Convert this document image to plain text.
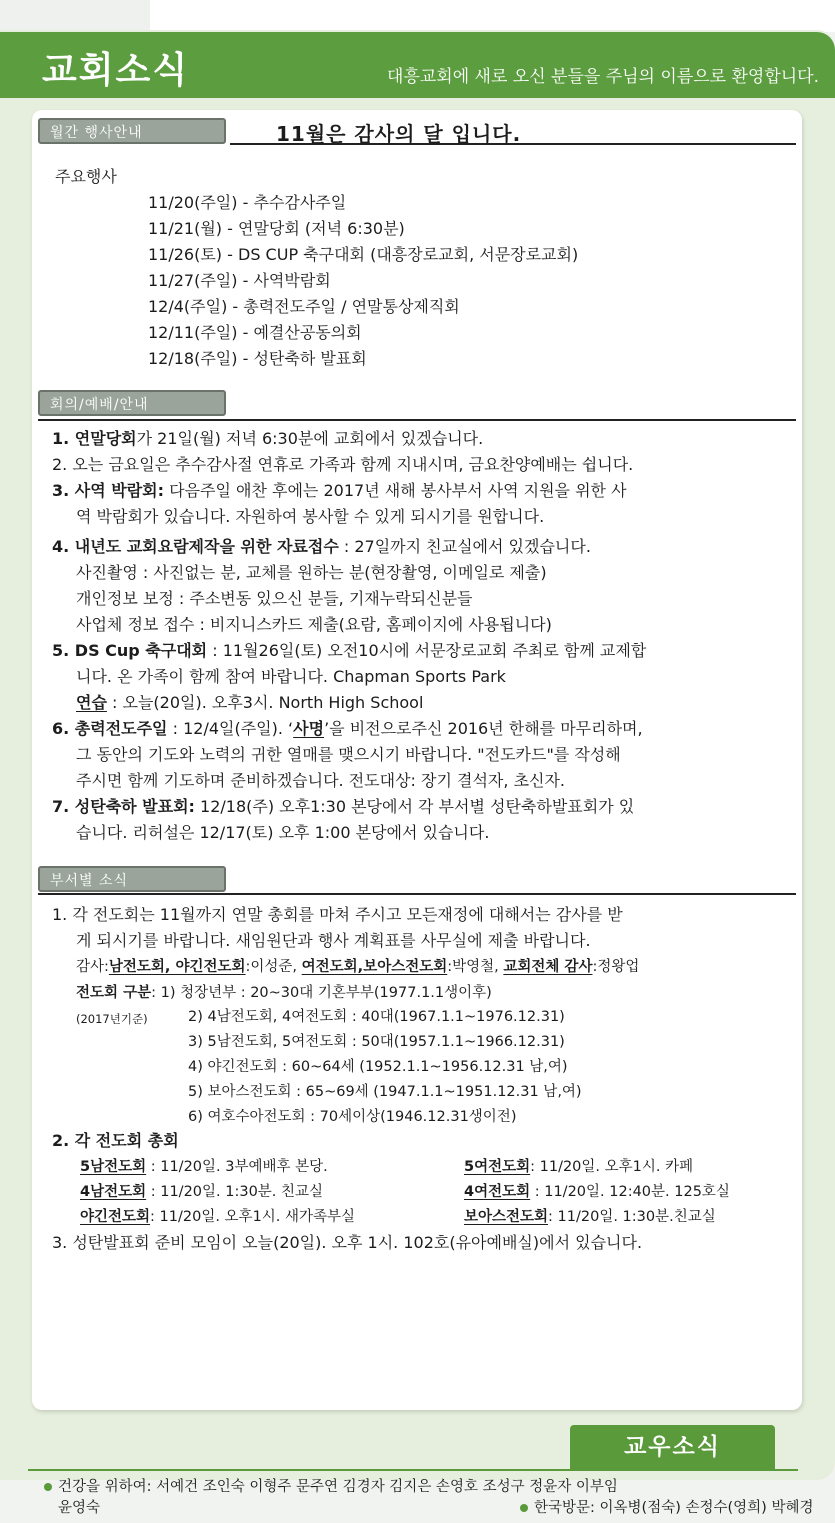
교회소식	대흥교회에 새로 오신 분들을 주님의 이름으로 환영합니다.
월간 행사안내	11월은 감사의 달 입니다.
주요행사
11/20(주일) - 추수감사주일
11/21(월) - 연말당회 (저녁 6:30분)
11/26(토) - DS CUP 축구대회 (대흥장로교회, 서문장로교회)
11/27(주일) - 사역박람회
12/4(주일) - 총력전도주일 / 연말통상제직회
12/11(주일) - 예결산공동의회
12/18(주일) - 성탄축하 발표회
회의/예배/안내
1. 연말당회가 21일(월) 저녁 6:30분에 교회에서 있겠습니다.
2. 오는 금요일은 추수감사절 연휴로 가족과 함께 지내시며, 금요찬양예배는 쉽니다.
3. 사역 박람회: 다음주일 애찬 후에는 2017년 새해 봉사부서 사역 지원을 위한 사
역 박람회가 있습니다. 자원하여 봉사할 수 있게 되시기를 원합니다.
4. 내년도 교회요람제작을 위한 자료접수 : 27일까지 친교실에서 있겠습니다.
사진촬영 : 사진없는 분, 교체를 원하는 분(현장촬영, 이메일로 제출)
개인정보 보정 : 주소변동 있으신 분들, 기재누락되신분들
사업체 정보 접수 : 비지니스카드 제출(요람, 홈페이지에 사용됩니다)
5. DS Cup 축구대회 : 11월26일(토) 오전10시에 서문장로교회 주최로 함께 교제합
니다. 온 가족이 함께 참여 바랍니다. Chapman Sports Park
연습 : 오늘(20일). 오후3시. North High School
6. 총력전도주일 : 12/4일(주일). ‘사명’을 비전으로주신 2016년 한해를 마무리하며,
그 동안의 기도와 노력의 귀한 열매를 맺으시기 바랍니다. "전도카드"를 작성해
주시면 함께 기도하며 준비하겠습니다. 전도대상: 장기 결석자, 초신자.
7. 성탄축하 발표회: 12/18(주) 오후1:30 본당에서 각 부서별 성탄축하발표회가 있
습니다. 리허설은 12/17(토) 오후 1:00 본당에서 있습니다.
부서별 소식
1. 각 전도회는 11월까지 연말 총회를 마쳐 주시고 모든재정에 대해서는 감사를 받
게 되시기를 바랍니다. 새임원단과 행사 계획표를 사무실에 제출 바랍니다.
감사:남전도회, 야긴전도회:이성준, 여전도회,보아스전도회:박영철, 교회전체 감사:정왕업
전도회 구분: 1) 청장년부 : 20~30대 기혼부부(1977.1.1생이후)
(2017년기준)	2) 4남전도회, 4여전도회 : 40대(1967.1.1~1976.12.31)
3) 5남전도회, 5여전도회 : 50대(1957.1.1~1966.12.31)
4) 야긴전도회 : 60~64세 (1952.1.1~1956.12.31 남,여)
5) 보아스전도회 : 65~69세 (1947.1.1~1951.12.31 남,여)
6) 여호수아전도회 : 70세이상(1946.12.31생이전)
2. 각 전도회 총회
5남전도회 : 11/20일. 3부예배후 본당.	5여전도회: 11/20일. 오후1시. 카페
4남전도회 : 11/20일. 1:30분. 친교실	4여전도회 : 11/20일. 12:40분. 125호실
야긴전도회: 11/20일. 오후1시. 새가족부실	보아스전도회: 11/20일. 1:30분.친교실
3. 성탄발표회 준비 모임이 오늘(20일). 오후 1시. 102호(유아예배실)에서 있습니다.
교우소식
건강을 위하여: 서예건 조인숙 이형주 문주연 김경자 김지은 손영호 조성구 정윤자 이부임
윤영숙	한국방문: 이옥병(점숙) 손정수(영희) 박혜경
